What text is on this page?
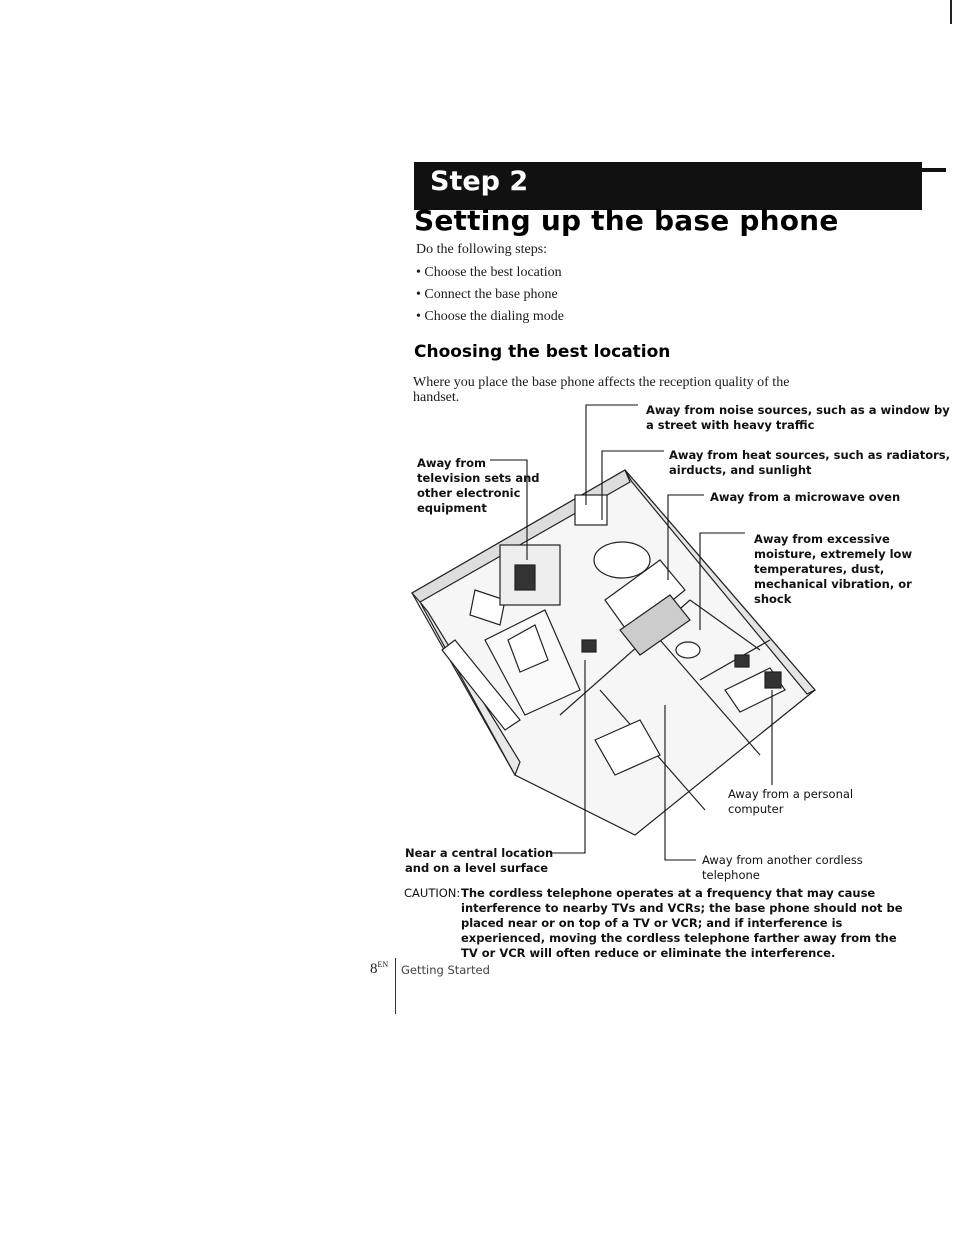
Step 2
Setting up the base phone
Do the following steps:
• Choose the best location
• Connect the base phone
• Choose the dialing mode
Choosing the best location
Where you place the base phone affects the reception quality of the handset.
Away from noise sources, such as a window by
a street with heavy traffic
Away from heat sources, such as radiators,
airducts, and sunlight
Away from a microwave oven
Away from
television sets and
other electronic
equipment
Away from excessive
moisture, extremely low
temperatures, dust,
mechanical vibration, or
shock
Away from a personal
computer
Near a central location
and on a level surface
Away from another cordless
telephone
CAUTION: The cordless telephone operates at a frequency that may cause interference to nearby TVs and VCRs; the base phone should not be placed near or on top of a TV or VCR; and if interference is experienced, moving the cordless telephone farther away from the TV or VCR will often reduce or eliminate the interference.
$8^{EN}$ Getting Started
